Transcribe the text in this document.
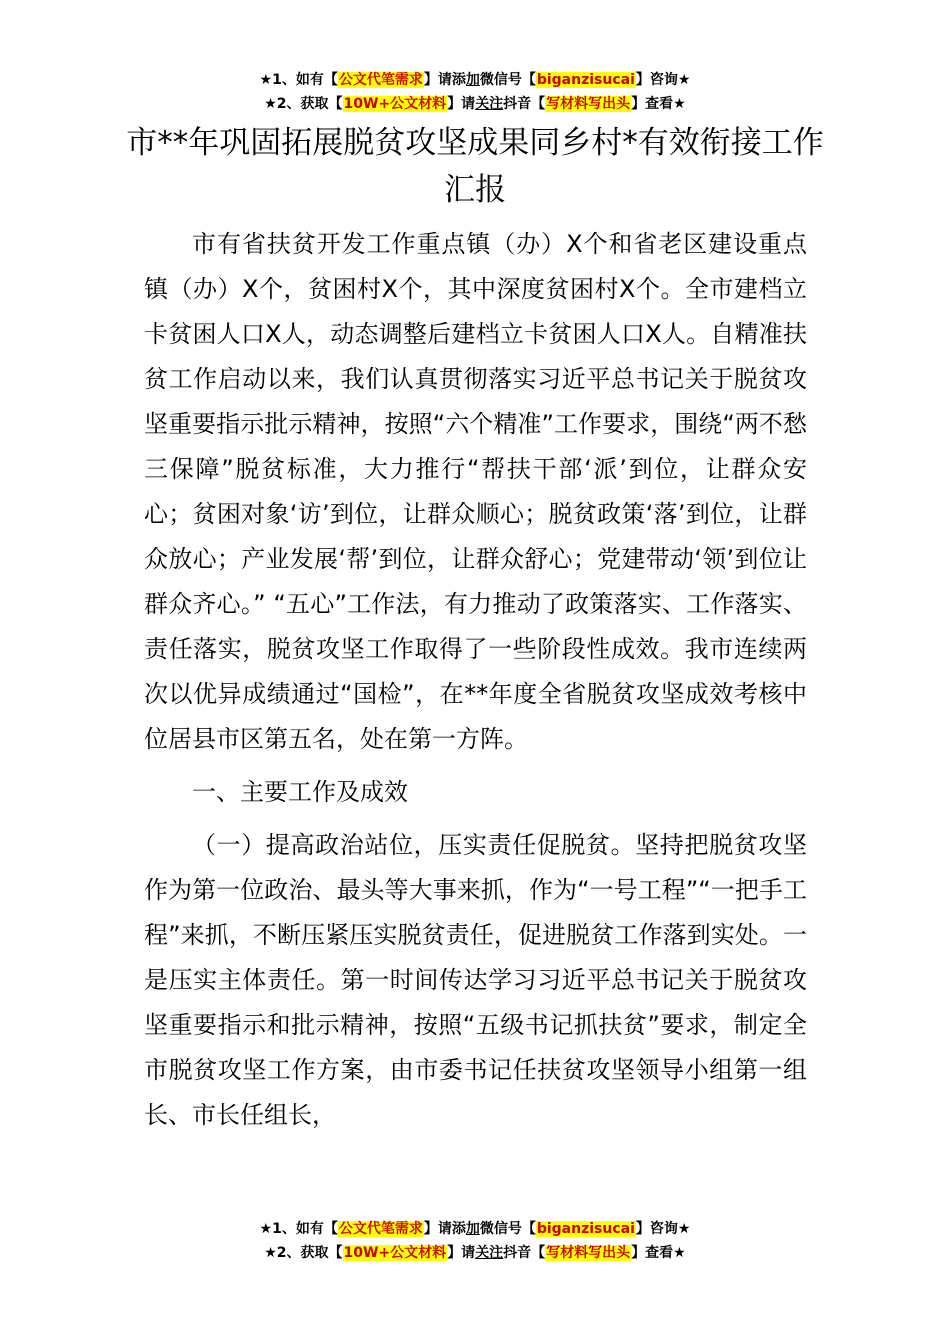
★1、如有【公文代笔需求】请添加微信号【biganzisucai】咨询★
★2、获取【10W+公文材料】请关注抖音【写材料写出头】查看★
市**年巩固拓展脱贫攻坚成果同乡村*有效衔接工作汇报

市有省扶贫开发工作重点镇（办）X个和省老区建设重点镇（办）X个，贫困村X个，其中深度贫困村X个。全市建档立卡贫困人口X人，动态调整后建档立卡贫困人口X人。自精准扶贫工作启动以来，我们认真贯彻落实习近平总书记关于脱贫攻坚重要指示批示精神，按照“六个精准”工作要求，围绕“两不愁三保障”脱贫标准，大力推行“帮扶干部‘派’到位，让群众安心；贫困对象‘访’到位，让群众顺心；脱贫政策‘落’到位，让群众放心；产业发展‘帮’到位，让群众舒心；党建带动‘领’到位让群众齐心。” “五心”工作法，有力推动了政策落实、工作落实、责任落实，脱贫攻坚工作取得了一些阶段性成效。我市连续两次以优异成绩通过“国检”，在**年度全省脱贫攻坚成效考核中位居县市区第五名，处在第一方阵。

一、主要工作及成效

（一）提高政治站位，压实责任促脱贫。坚持把脱贫攻坚作为第一位政治、最头等大事来抓，作为“一号工程”“一把手工程”来抓，不断压紧压实脱贫责任，促进脱贫工作落到实处。一是压实主体责任。第一时间传达学习习近平总书记关于脱贫攻坚重要指示和批示精神，按照“五级书记抓扶贫”要求，制定全市脱贫攻坚工作方案，由市委书记任扶贫攻坚领导小组第一组长、市长任组长，

★1、如有【公文代笔需求】请添加微信号【biganzisucai】咨询★
★2、获取【10W+公文材料】请关注抖音【写材料写出头】查看★
